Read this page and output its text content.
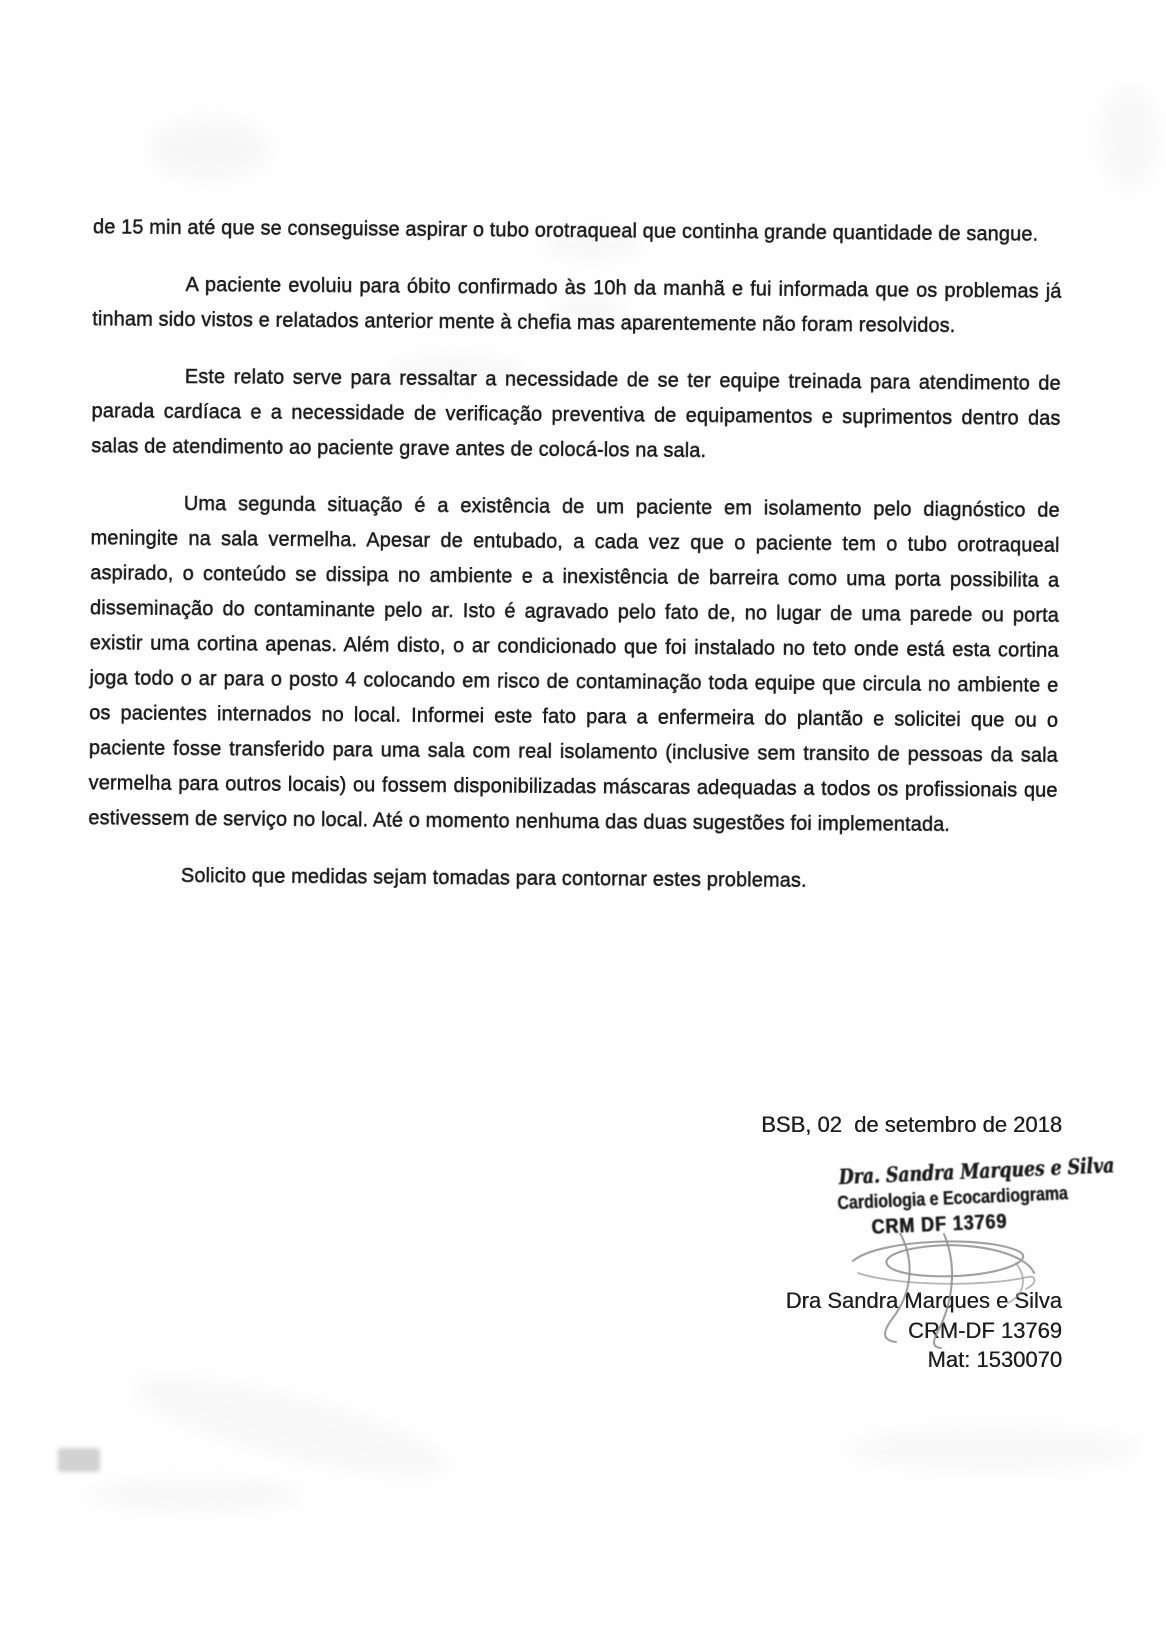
de 15 min até que se conseguisse aspirar o tubo orotraqueal que continha grande quantidade de sangue.

A paciente evoluiu para óbito confirmado às 10h da manhã e fui informada que os problemas já tinham sido vistos e relatados anterior mente à chefia mas aparentemente não foram resolvidos.

Este relato serve para ressaltar a necessidade de se ter equipe treinada para atendimento de parada cardíaca e a necessidade de verificação preventiva de equipamentos e suprimentos dentro das salas de atendimento ao paciente grave antes de colocá-los na sala.

Uma segunda situação é a existência de um paciente em isolamento pelo diagnóstico de meningite na sala vermelha. Apesar de entubado, a cada vez que o paciente tem o tubo orotraqueal aspirado, o conteúdo se dissipa no ambiente e a inexistência de barreira como uma porta possibilita a disseminação do contaminante pelo ar. Isto é agravado pelo fato de, no lugar de uma parede ou porta existir uma cortina apenas. Além disto, o ar condicionado que foi instalado no teto onde está esta cortina joga todo o ar para o posto 4 colocando em risco de contaminação toda equipe que circula no ambiente e os pacientes internados no local. Informei este fato para a enfermeira do plantão e solicitei que ou o paciente fosse transferido para uma sala com real isolamento (inclusive sem transito de pessoas da sala vermelha para outros locais) ou fossem disponibilizadas máscaras adequadas a todos os profissionais que estivessem de serviço no local. Até o momento nenhuma das duas sugestões foi implementada.

Solicito que medidas sejam tomadas para contornar estes problemas.

BSB, 02  de setembro de 2018
Dra. Sandra Marques e Silva
Cardiologia e Ecocardiograma
CRM DF 13769
Dra Sandra Marques e Silva
CRM-DF 13769
Mat: 1530070
